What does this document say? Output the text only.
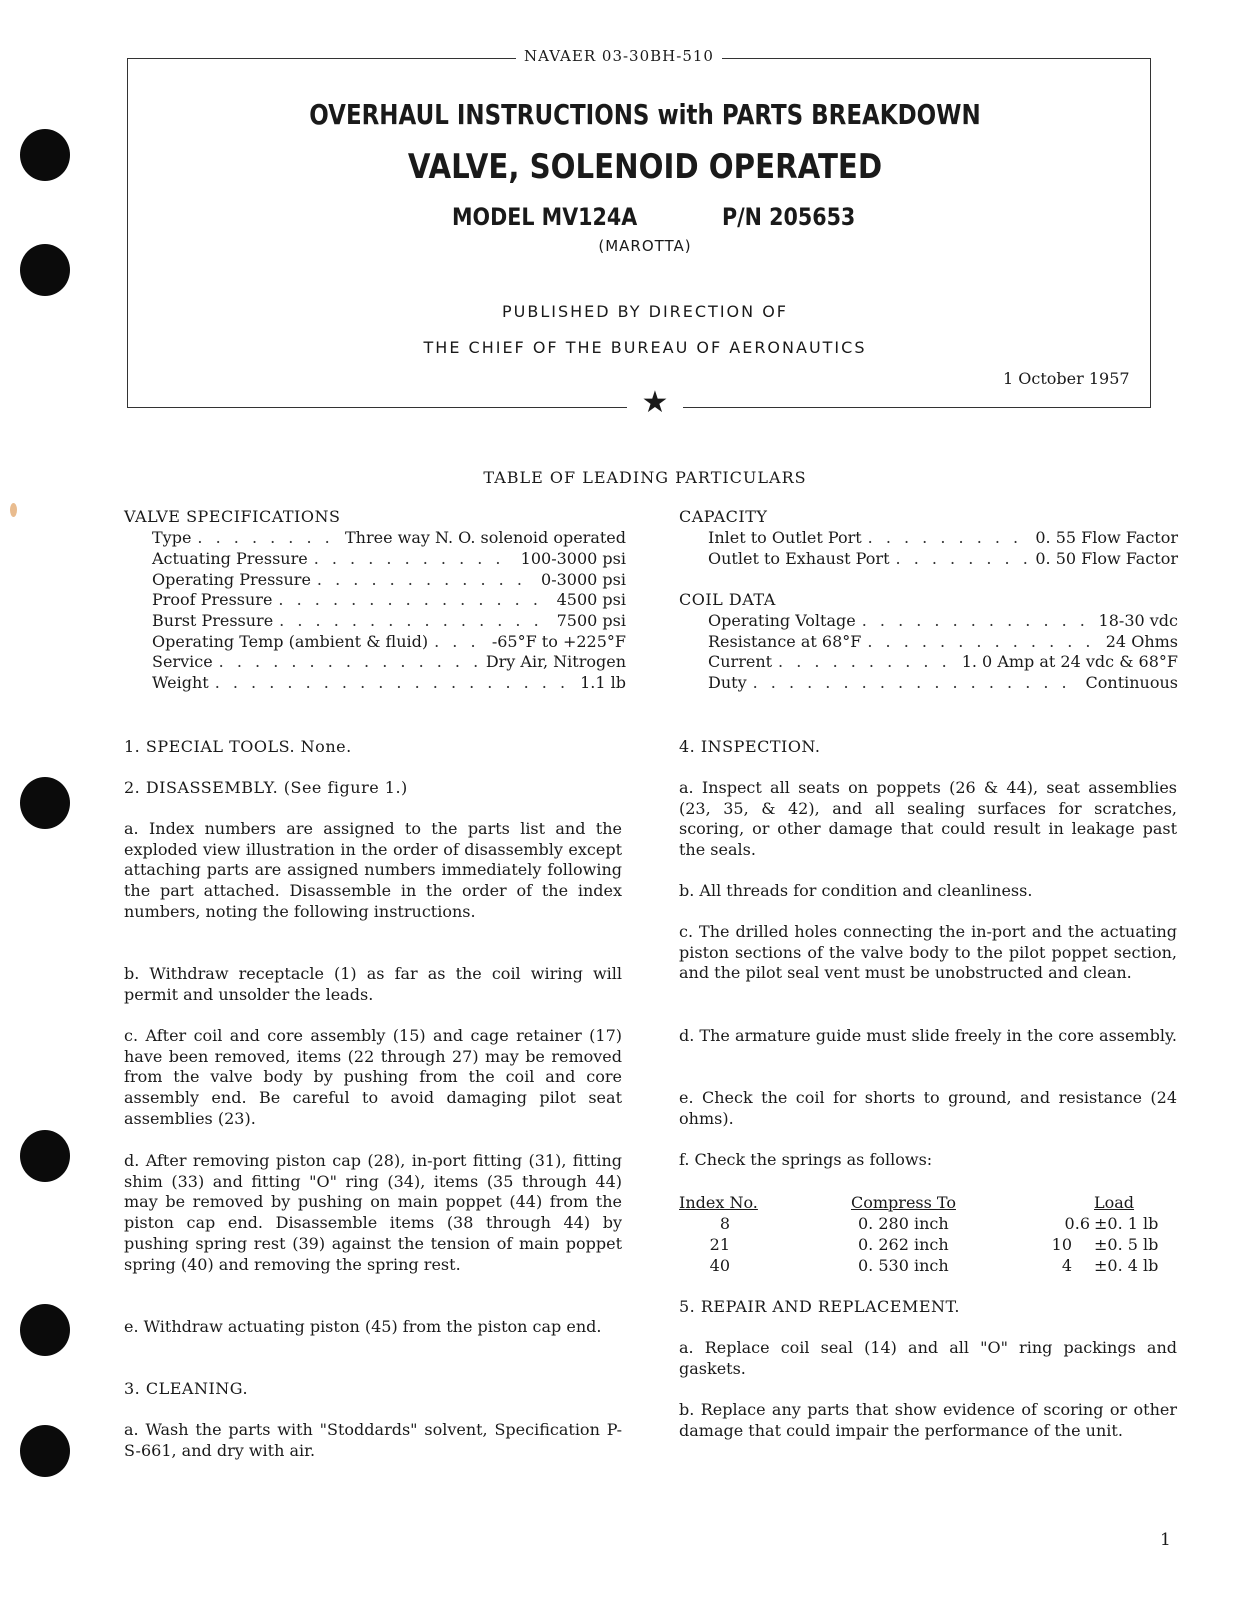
NAVAER 03-30BH-510
★
OVERHAUL INSTRUCTIONS with PARTS BREAKDOWN
VALVE, SOLENOID OPERATED
MODEL MV124A	P/N 205653
(MAROTTA)
PUBLISHED BY DIRECTION OF
THE CHIEF OF THE BUREAU OF AERONAUTICS
1 October 1957
TABLE OF LEADING PARTICULARS
VALVE SPECIFICATIONS
Type . . .	Three way N. O. solenoid operated
Actuating Pressure . . .	100-3000 psi
Operating Pressure . . .	0-3000 psi
Proof Pressure . . .	4500 psi
Burst Pressure . . .	7500 psi
Operating Temp (ambient & fluid) . . .	-65°F to +225°F
Service . . .	Dry Air, Nitrogen
Weight . . .	1.1 lb
CAPACITY
Inlet to Outlet Port . . .	0. 55 Flow Factor
Outlet to Exhaust Port . . .	0. 50 Flow Factor
COIL DATA
Operating Voltage . . .	18-30 vdc
Resistance at 68°F . . .	24 Ohms
Current . . .	1. 0 Amp at 24 vdc & 68°F
Duty . . .	Continuous
1. SPECIAL TOOLS. None.
2. DISASSEMBLY. (See figure 1.)
a. Index numbers are assigned to the parts list and the exploded view illustration in the order of disassembly except attaching parts are assigned numbers immediately following the part attached. Disassemble in the order of the index numbers, noting the following instructions.
b. Withdraw receptacle (1) as far as the coil wiring will permit and unsolder the leads.
c. After coil and core assembly (15) and cage retainer (17) have been removed, items (22 through 27) may be removed from the valve body by pushing from the coil and core assembly end. Be careful to avoid damaging pilot seat assemblies (23).
d. After removing piston cap (28), in-port fitting (31), fitting shim (33) and fitting "O" ring (34), items (35 through 44) may be removed by pushing on main poppet (44) from the piston cap end. Disassemble items (38 through 44) by pushing spring rest (39) against the tension of main poppet spring (40) and removing the spring rest.
e. Withdraw actuating piston (45) from the piston cap end.
3. CLEANING.
a. Wash the parts with "Stoddards" solvent, Specification P-S-661, and dry with air.
4. INSPECTION.
a. Inspect all seats on poppets (26 & 44), seat assemblies (23, 35, & 42), and all sealing surfaces for scratches, scoring, or other damage that could result in leakage past the seals.
b. All threads for condition and cleanliness.
c. The drilled holes connecting the in-port and the actuating piston sections of the valve body to the pilot poppet section, and the pilot seal vent must be unobstructed and clean.
d. The armature guide must slide freely in the core assembly.
e. Check the coil for shorts to ground, and resistance (24 ohms).
f. Check the springs as follows:
Index No.	Compress To	Load
8	0. 280 inch	0.6 ±0. 1 lb
21	0. 262 inch	10 ±0. 5 lb
40	0. 530 inch	4 ±0. 4 lb
5. REPAIR AND REPLACEMENT.
a. Replace coil seal (14) and all "O" ring packings and gaskets.
b. Replace any parts that show evidence of scoring or other damage that could impair the performance of the unit.
1
